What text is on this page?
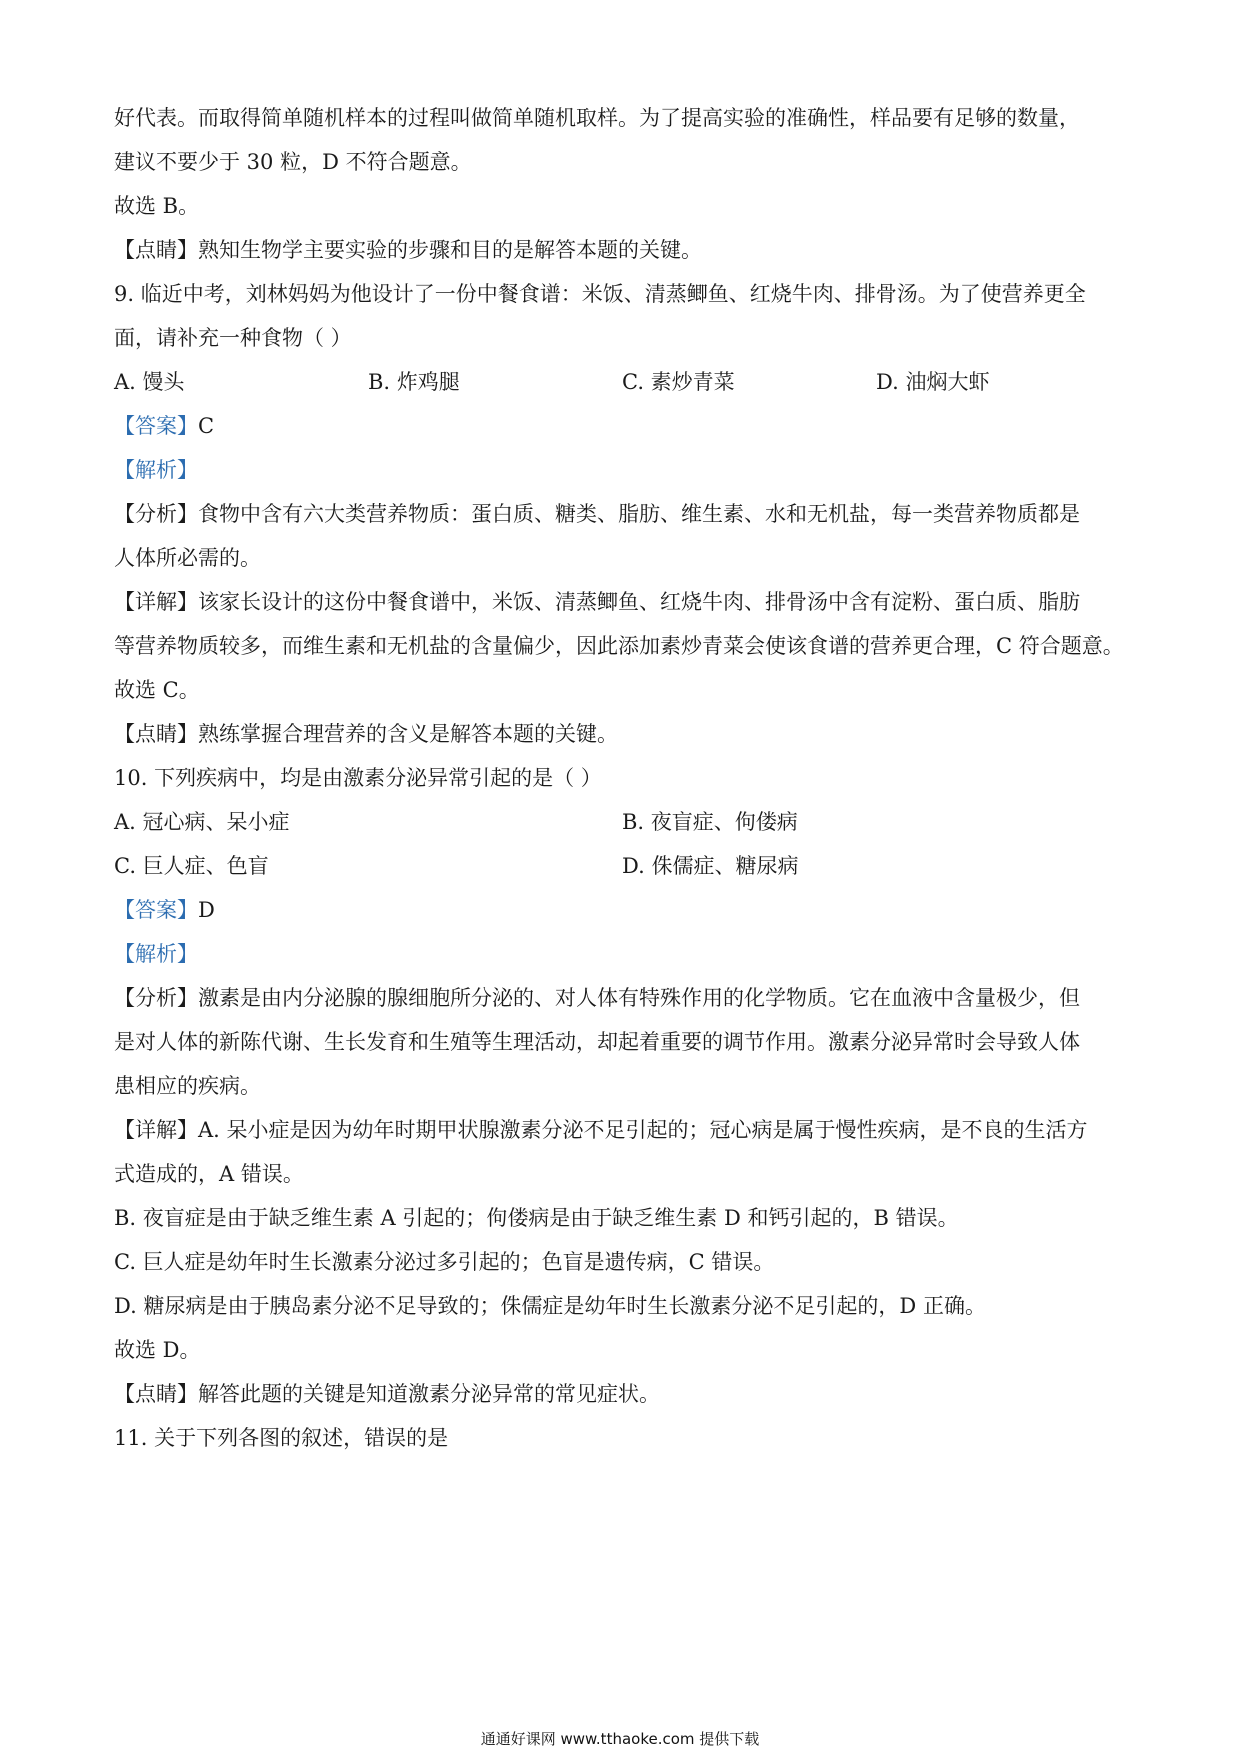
好代表。而取得简单随机样本的过程叫做简单随机取样。为了提高实验的准确性，样品要有足够的数量，
建议不要少于 30 粒，D 不符合题意。
故选 B。
【点睛】熟知生物学主要实验的步骤和目的是解答本题的关键。
9. 临近中考，刘林妈妈为他设计了一份中餐食谱：米饭、清蒸鲫鱼、红烧牛肉、排骨汤。为了使营养更全
面，请补充一种食物（ ）
A. 馒头	B. 炸鸡腿	C. 素炒青菜	D. 油焖大虾
【答案】C
【解析】
【分析】食物中含有六大类营养物质：蛋白质、糖类、脂肪、维生素、水和无机盐，每一类营养物质都是
人体所必需的。
【详解】该家长设计的这份中餐食谱中，米饭、清蒸鲫鱼、红烧牛肉、排骨汤中含有淀粉、蛋白质、脂肪
等营养物质较多，而维生素和无机盐的含量偏少，因此添加素炒青菜会使该食谱的营养更合理，C 符合题意。
故选 C。
【点睛】熟练掌握合理营养的含义是解答本题的关键。
10. 下列疾病中，均是由激素分泌异常引起的是（ ）
A. 冠心病、呆小症	B. 夜盲症、佝偻病
C. 巨人症、色盲	D. 侏儒症、糖尿病
【答案】D
【解析】
【分析】激素是由内分泌腺的腺细胞所分泌的、对人体有特殊作用的化学物质。它在血液中含量极少，但
是对人体的新陈代谢、生长发育和生殖等生理活动，却起着重要的调节作用。激素分泌异常时会导致人体
患相应的疾病。
【详解】A. 呆小症是因为幼年时期甲状腺激素分泌不足引起的；冠心病是属于慢性疾病，是不良的生活方
式造成的，A 错误。
B. 夜盲症是由于缺乏维生素 A 引起的；佝偻病是由于缺乏维生素 D 和钙引起的，B 错误。
C. 巨人症是幼年时生长激素分泌过多引起的；色盲是遗传病，C 错误。
D. 糖尿病是由于胰岛素分泌不足导致的；侏儒症是幼年时生长激素分泌不足引起的，D 正确。
故选 D。
【点睛】解答此题的关键是知道激素分泌异常的常见症状。
11. 关于下列各图的叙述，错误的是
通通好课网 www.tthaoke.com 提供下载
